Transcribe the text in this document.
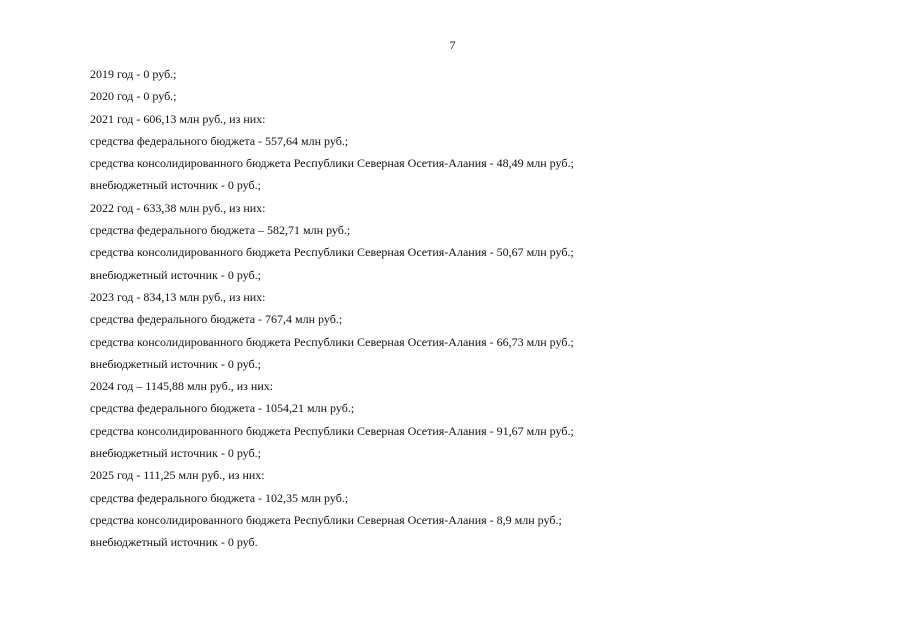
7
2019 год - 0 руб.;
2020 год - 0 руб.;
2021 год - 606,13 млн руб., из них:
средства федерального бюджета - 557,64 млн руб.;
средства консолидированного бюджета Республики Северная Осетия-Алания - 48,49 млн руб.;
внебюджетный источник - 0 руб.;
2022 год - 633,38 млн руб., из них:
средства федерального бюджета – 582,71 млн руб.;
средства консолидированного бюджета Республики Северная Осетия-Алания - 50,67 млн руб.;
внебюджетный источник - 0 руб.;
2023 год - 834,13 млн руб., из них:
средства федерального бюджета - 767,4 млн руб.;
средства консолидированного бюджета Республики Северная Осетия-Алания - 66,73 млн руб.;
внебюджетный источник - 0 руб.;
2024 год – 1145,88 млн руб., из них:
средства федерального бюджета - 1054,21 млн руб.;
средства консолидированного бюджета Республики Северная Осетия-Алания - 91,67 млн руб.;
внебюджетный источник - 0 руб.;
2025 год - 111,25 млн руб., из них:
средства федерального бюджета - 102,35 млн руб.;
средства консолидированного бюджета Республики Северная Осетия-Алания - 8,9 млн руб.;
внебюджетный источник - 0 руб.
